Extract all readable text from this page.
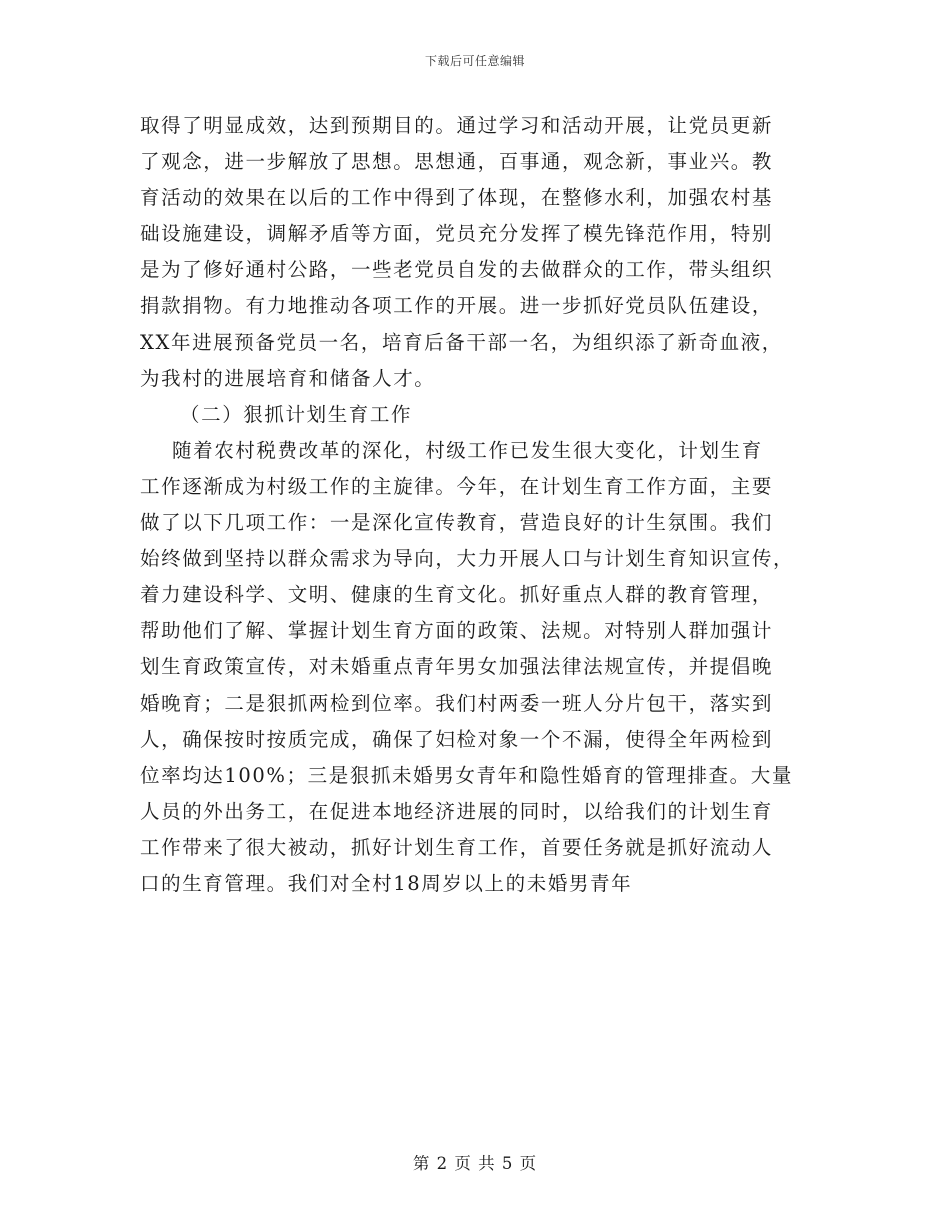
下载后可任意编辑
取得了明显成效，达到预期目的。通过学习和活动开展，让党员更新
了观念，进一步解放了思想。思想通，百事通，观念新，事业兴。教
育活动的效果在以后的工作中得到了体现，在整修水利，加强农村基
础设施建设，调解矛盾等方面，党员充分发挥了模先锋范作用，特别
是为了修好通村公路，一些老党员自发的去做群众的工作，带头组织
捐款捐物。有力地推动各项工作的开展。进一步抓好党员队伍建设，
XX年进展预备党员一名，培育后备干部一名，为组织添了新奇血液，
为我村的进展培育和储备人才。
（二）狠抓计划生育工作
随着农村税费改革的深化，村级工作已发生很大变化，计划生育
工作逐渐成为村级工作的主旋律。今年，在计划生育工作方面，主要
做了以下几项工作：一是深化宣传教育，营造良好的计生氛围。我们
始终做到坚持以群众需求为导向，大力开展人口与计划生育知识宣传，
着力建设科学、文明、健康的生育文化。抓好重点人群的教育管理，
帮助他们了解、掌握计划生育方面的政策、法规。对特别人群加强计
划生育政策宣传，对未婚重点青年男女加强法律法规宣传，并提倡晚
婚晚育；二是狠抓两检到位率。我们村两委一班人分片包干，落实到
人，确保按时按质完成，确保了妇检对象一个不漏，使得全年两检到
位率均达100%；三是狠抓未婚男女青年和隐性婚育的管理排查。大量
人员的外出务工，在促进本地经济进展的同时，以给我们的计划生育
工作带来了很大被动，抓好计划生育工作，首要任务就是抓好流动人
口的生育管理。我们对全村18周岁以上的未婚男青年
第 2 页 共 5 页
